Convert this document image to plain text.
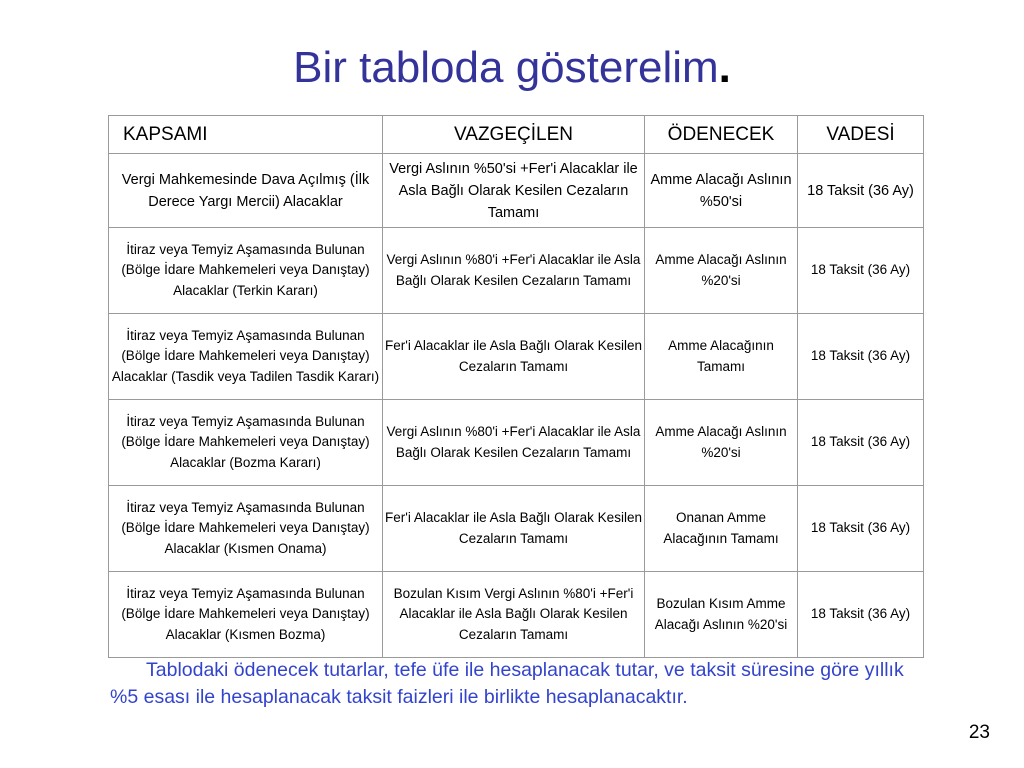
Bir tabloda gösterelim.
KAPSAMI	VAZGEÇİLEN	ÖDENECEK	VADESİ
Vergi Mahkemesinde Dava Açılmış (İlk Derece Yargı Mercii) Alacaklar	Vergi Aslının %50'si +Fer'i Alacaklar ile Asla Bağlı Olarak Kesilen Cezaların Tamamı	Amme Alacağı Aslının %50'si	18 Taksit (36 Ay)
İtiraz veya Temyiz Aşamasında Bulunan (Bölge İdare Mahkemeleri veya Danıştay) Alacaklar (Terkin Kararı)	Vergi Aslının %80'i +Fer'i Alacaklar ile Asla Bağlı Olarak Kesilen Cezaların Tamamı	Amme Alacağı Aslının %20'si	18 Taksit (36 Ay)
İtiraz veya Temyiz Aşamasında Bulunan (Bölge İdare Mahkemeleri veya Danıştay) Alacaklar (Tasdik veya Tadilen Tasdik Kararı)	Fer'i Alacaklar ile Asla Bağlı Olarak Kesilen Cezaların Tamamı	Amme Alacağının Tamamı	18 Taksit (36 Ay)
İtiraz veya Temyiz Aşamasında Bulunan (Bölge İdare Mahkemeleri veya Danıştay) Alacaklar (Bozma Kararı)	Vergi Aslının %80'i +Fer'i Alacaklar ile Asla Bağlı Olarak Kesilen Cezaların Tamamı	Amme Alacağı Aslının %20'si	18 Taksit (36 Ay)
İtiraz veya Temyiz Aşamasında Bulunan (Bölge İdare Mahkemeleri veya Danıştay) Alacaklar (Kısmen Onama)	Fer'i Alacaklar ile Asla Bağlı Olarak Kesilen Cezaların Tamamı	Onanan Amme Alacağının Tamamı	18 Taksit (36 Ay)
İtiraz veya Temyiz Aşamasında Bulunan (Bölge İdare Mahkemeleri veya Danıştay) Alacaklar (Kısmen Bozma)	Bozulan Kısım Vergi Aslının %80'i +Fer'i Alacaklar ile Asla Bağlı Olarak Kesilen Cezaların Tamamı	Bozulan Kısım Amme Alacağı Aslının %20'si	18 Taksit (36 Ay)
Tablodaki ödenecek tutarlar, tefe üfe ile hesaplanacak tutar, ve taksit süresine göre yıllık %5 esası ile hesaplanacak taksit faizleri ile birlikte hesaplanacaktır.
23
